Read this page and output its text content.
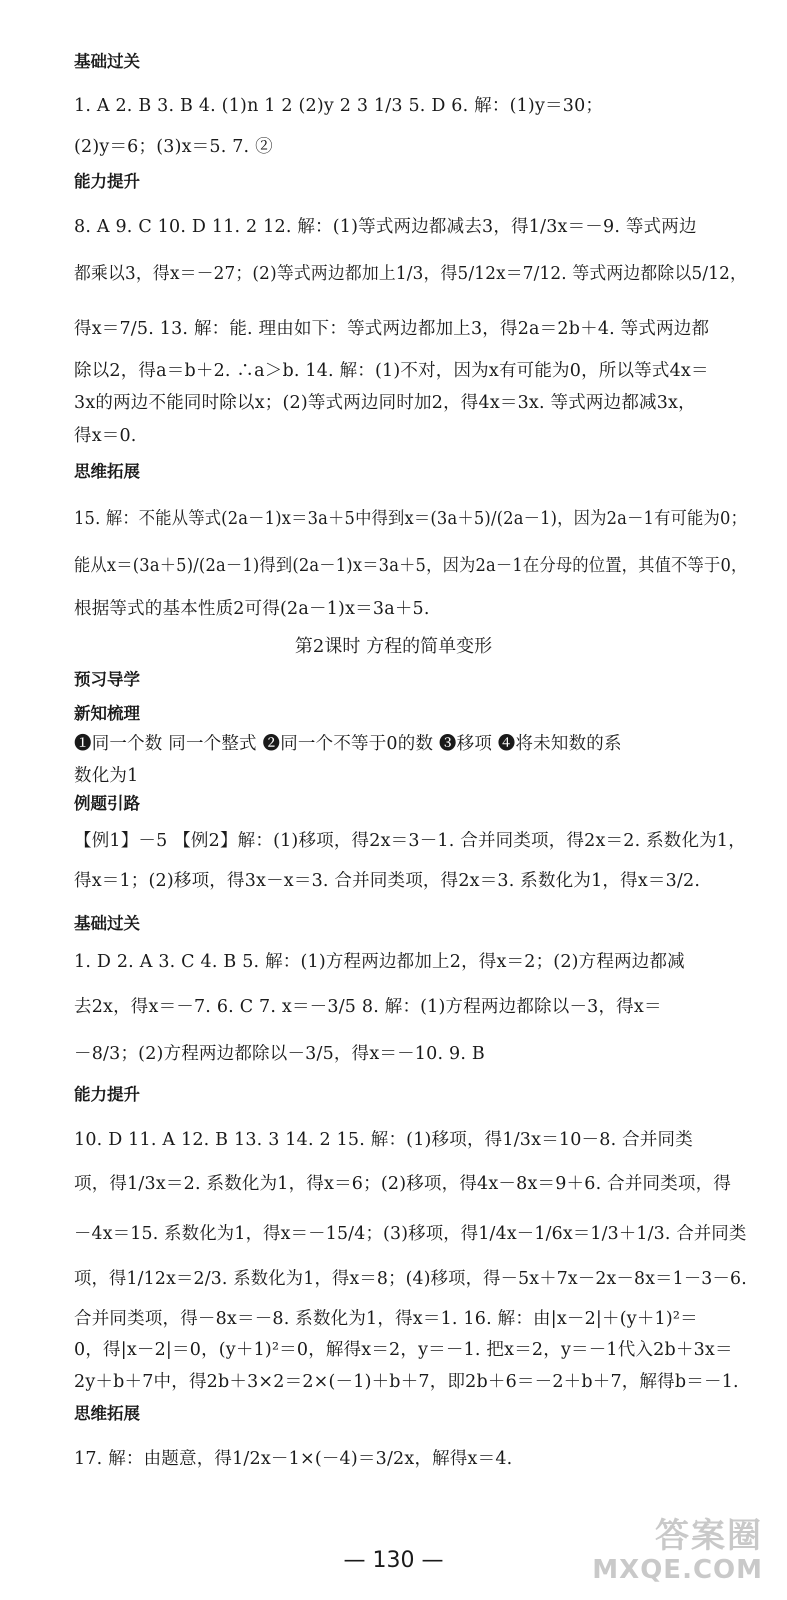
基础过关
1. A 2. B 3. B 4. (1)n 1 2 (2)y 2 3 1/3 5. D 6. 解：(1)y＝30；
(2)y＝6；(3)x＝5. 7. ②
能力提升
8. A 9. C 10. D 11. 2 12. 解：(1)等式两边都减去3，得1/3x＝－9. 等式两边
都乘以3，得x＝－27；(2)等式两边都加上1/3，得5/12x＝7/12. 等式两边都除以5/12，
得x＝7/5. 13. 解：能. 理由如下：等式两边都加上3，得2a＝2b＋4. 等式两边都
除以2，得a＝b＋2. ∴a＞b. 14. 解：(1)不对，因为x有可能为0，所以等式4x＝
3x的两边不能同时除以x；(2)等式两边同时加2，得4x＝3x. 等式两边都减3x，
得x＝0.
思维拓展
15. 解：不能从等式(2a－1)x＝3a＋5中得到x＝(3a＋5)/(2a－1)，因为2a－1有可能为0；
能从x＝(3a＋5)/(2a－1)得到(2a－1)x＝3a＋5，因为2a－1在分母的位置，其值不等于0，
根据等式的基本性质2可得(2a－1)x＝3a＋5.
第2课时 方程的简单变形
预习导学
新知梳理
❶同一个数 同一个整式 ❷同一个不等于0的数 ❸移项 ❹将未知数的系
数化为1
例题引路
【例1】－5 【例2】解：(1)移项，得2x＝3－1. 合并同类项，得2x＝2. 系数化为1，
得x＝1；(2)移项，得3x－x＝3. 合并同类项，得2x＝3. 系数化为1，得x＝3/2.
基础过关
1. D 2. A 3. C 4. B 5. 解：(1)方程两边都加上2，得x＝2；(2)方程两边都减
去2x，得x＝－7. 6. C 7. x＝－3/5 8. 解：(1)方程两边都除以－3，得x＝
－8/3；(2)方程两边都除以－3/5，得x＝－10. 9. B
能力提升
10. D 11. A 12. B 13. 3 14. 2 15. 解：(1)移项，得1/3x＝10－8. 合并同类
项，得1/3x＝2. 系数化为1，得x＝6；(2)移项，得4x－8x＝9＋6. 合并同类项，得
－4x＝15. 系数化为1，得x＝－15/4；(3)移项，得1/4x－1/6x＝1/3＋1/3. 合并同类
项，得1/12x＝2/3. 系数化为1，得x＝8；(4)移项，得－5x＋7x－2x－8x＝1－3－6.
合并同类项，得－8x＝－8. 系数化为1，得x＝1. 16. 解：由|x－2|＋(y＋1)²＝
0，得|x－2|＝0，(y＋1)²＝0，解得x＝2，y＝－1. 把x＝2，y＝－1代入2b＋3x＝
2y＋b＋7中，得2b＋3×2＝2×(－1)＋b＋7，即2b＋6＝－2＋b＋7，解得b＝－1.
思维拓展
17. 解：由题意，得1/2x－1×(－4)＝3/2x，解得x＝4.
— 130 —
答案圈
MXQE.COM
